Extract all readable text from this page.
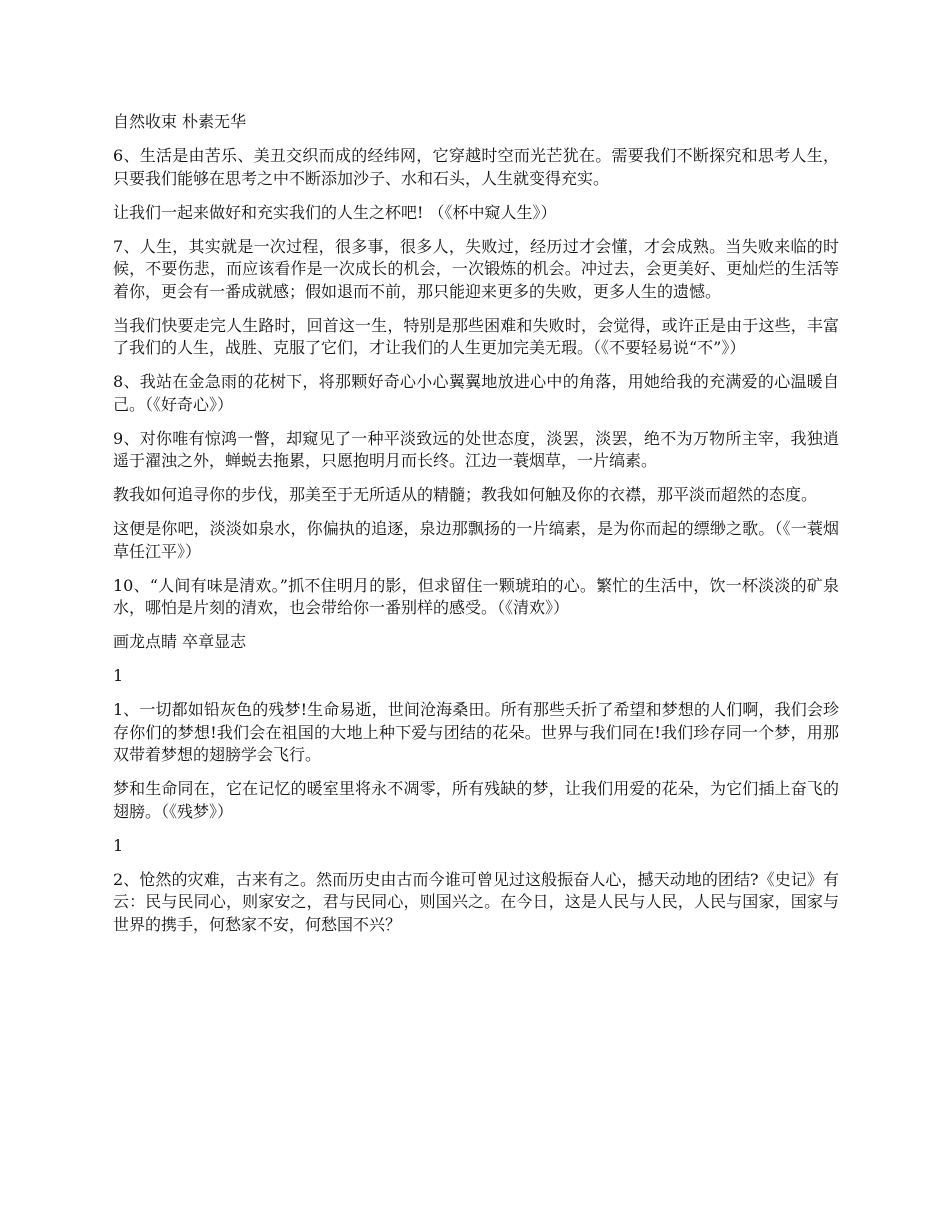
自然收束 朴素无华

6、生活是由苦乐、美丑交织而成的经纬网，它穿越时空而光芒犹在。需要我们不断探究和思考人生，只要我们能够在思考之中不断添加沙子、水和石头，人生就变得充实。

让我们一起来做好和充实我们的人生之杯吧! （《杯中窥人生》）

7、人生，其实就是一次过程，很多事，很多人，失败过，经历过才会懂，才会成熟。当失败来临的时候，不要伤悲，而应该看作是一次成长的机会，一次锻炼的机会。冲过去，会更美好、更灿烂的生活等着你，更会有一番成就感；假如退而不前，那只能迎来更多的失败，更多人生的遗憾。

当我们快要走完人生路时，回首这一生，特别是那些困难和失败时，会觉得，或许正是由于这些，丰富了我们的人生，战胜、克服了它们，才让我们的人生更加完美无瑕。（《不要轻易说“不”》）

8、我站在金急雨的花树下，将那颗好奇心小心翼翼地放进心中的角落，用她给我的充满爱的心温暖自己。（《好奇心》）

9、对你唯有惊鸿一瞥，却窥见了一种平淡致远的处世态度，淡罢，淡罢，绝不为万物所主宰，我独逍遥于濯浊之外，蝉蜕去拖累，只愿抱明月而长终。江边一蓑烟草，一片缟素。

教我如何追寻你的步伐，那美至于无所适从的精髓；教我如何触及你的衣襟，那平淡而超然的态度。

这便是你吧，淡淡如泉水，你偏执的追逐，泉边那飘扬的一片缟素，是为你而起的缥缈之歌。（《一蓑烟草任江平》）

10、“人间有味是清欢。”抓不住明月的影，但求留住一颗琥珀的心。繁忙的生活中，饮一杯淡淡的矿泉水，哪怕是片刻的清欢，也会带给你一番别样的感受。（《清欢》）

画龙点睛 卒章显志

1

1、一切都如铅灰色的残梦!生命易逝，世间沧海桑田。所有那些夭折了希望和梦想的人们啊，我们会珍存你们的梦想!我们会在祖国的大地上种下爱与团结的花朵。世界与我们同在!我们珍存同一个梦，用那双带着梦想的翅膀学会飞行。

梦和生命同在，它在记忆的暖室里将永不凋零，所有残缺的梦，让我们用爱的花朵，为它们插上奋飞的翅膀。（《残梦》）

1

2、怆然的灾难，古来有之。然而历史由古而今谁可曾见过这般振奋人心，撼天动地的团结?《史记》有云：民与民同心，则家安之，君与民同心，则国兴之。在今日，这是人民与人民，人民与国家，国家与世界的携手，何愁家不安，何愁国不兴？
